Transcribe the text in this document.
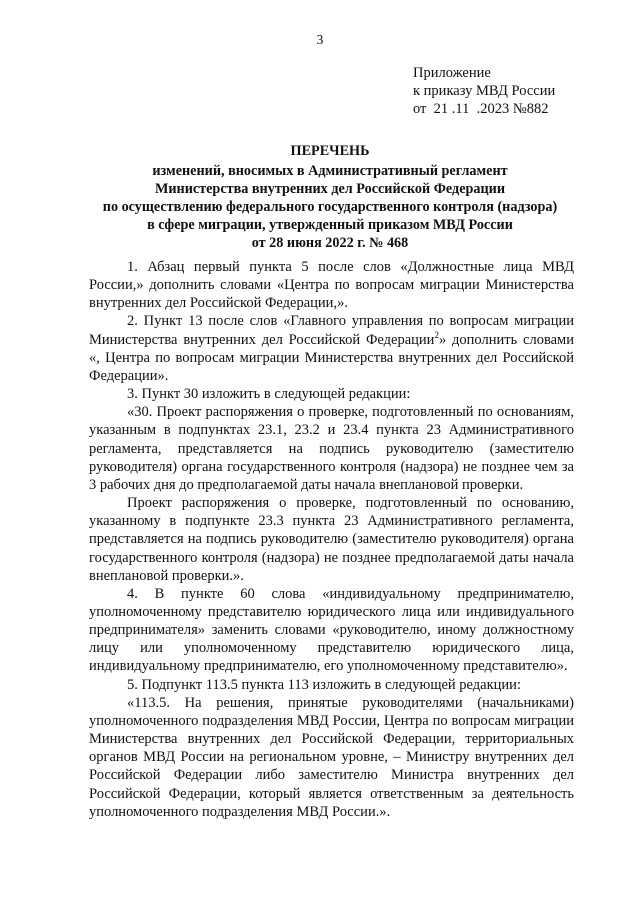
3
Приложение
к приказу МВД России
от  21 .11  .2023 №882
ПЕРЕЧЕНЬ
изменений, вносимых в Административный регламент
Министерства внутренних дел Российской Федерации
по осуществлению федерального государственного контроля (надзора)
в сфере миграции, утвержденный приказом МВД России
от 28 июня 2022 г. № 468

1. Абзац первый пункта 5 после слов «Должностные лица МВД России,» дополнить словами «Центра по вопросам миграции Министерства внутренних дел Российской Федерации,».

2. Пункт 13 после слов «Главного управления по вопросам миграции Министерства внутренних дел Российской Федерации$^2$» дополнить словами «, Центра по вопросам миграции Министерства внутренних дел Российской Федерации».

3. Пункт 30 изложить в следующей редакции:

«30. Проект распоряжения о проверке, подготовленный по основаниям, указанным в подпунктах 23.1, 23.2 и 23.4 пункта 23 Административного регламента, представляется на подпись руководителю (заместителю руководителя) органа государственного контроля (надзора) не позднее чем за 3 рабочих дня до предполагаемой даты начала внеплановой проверки.

Проект распоряжения о проверке, подготовленный по основанию, указанному в подпункте 23.3 пункта 23 Административного регламента, представляется на подпись руководителю (заместителю руководителя) органа государственного контроля (надзора) не позднее предполагаемой даты начала внеплановой проверки.».

4. В пункте 60 слова «индивидуальному предпринимателю, уполномоченному представителю юридического лица или индивидуального предпринимателя» заменить словами «руководителю, иному должностному лицу или уполномоченному представителю юридического лица, индивидуальному предпринимателю, его уполномоченному представителю».

5. Подпункт 113.5 пункта 113 изложить в следующей редакции:

«113.5. На решения, принятые руководителями (начальниками) уполномоченного подразделения МВД России, Центра по вопросам миграции Министерства внутренних дел Российской Федерации, территориальных органов МВД России на региональном уровне, – Министру внутренних дел Российской Федерации либо заместителю Министра внутренних дел Российской Федерации, который является ответственным за деятельность уполномоченного подразделения МВД России.».
